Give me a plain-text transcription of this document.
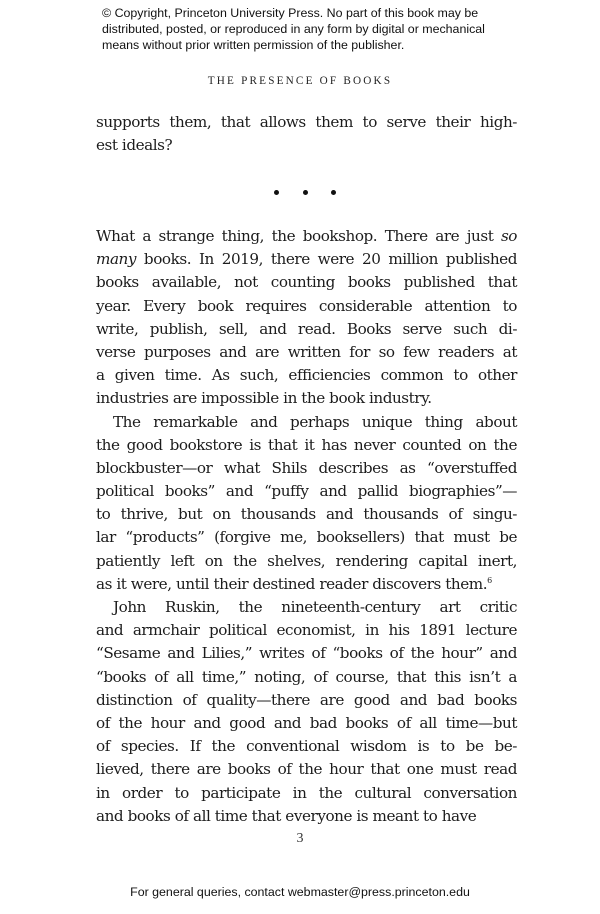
© Copyright, Princeton University Press. No part of this book may be
distributed, posted, or reproduced in any form by digital or mechanical
means without prior written permission of the publisher.
THE PRESENCE OF BOOKS
supports them, that allows them to serve their high-
est ideals?
What a strange thing, the bookshop. There are just so
many books. In 2019, there were 20 million published
books available, not counting books published that
year. Every book requires considerable attention to
write, publish, sell, and read. Books serve such di-
verse purposes and are written for so few readers at
a given time. As such, efficiencies common to other
industries are impossible in the book industry.
The remarkable and perhaps unique thing about
the good bookstore is that it has never counted on the
blockbuster—or what Shils describes as “overstuffed
political books” and “puffy and pallid biographies”—
to thrive, but on thousands and thousands of singu-
lar “products” (forgive me, booksellers) that must be
patiently left on the shelves, rendering capital inert,
as it were, until their destined reader discovers them.$^6$
John Ruskin, the nineteenth-century art critic
and armchair political economist, in his 1891 lecture
“Sesame and Lilies,” writes of “books of the hour” and
“books of all time,” noting, of course, that this isn’t a
distinction of quality—there are good and bad books
of the hour and good and bad books of all time—but
of species. If the conventional wisdom is to be be-
lieved, there are books of the hour that one must read
in order to participate in the cultural conversation
and books of all time that everyone is meant to have
3
For general queries, contact webmaster@press.princeton.edu
